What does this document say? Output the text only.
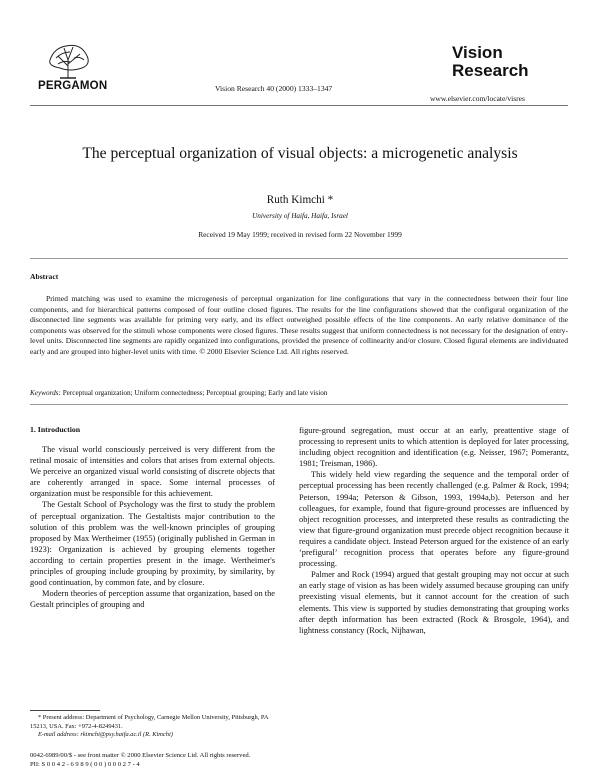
PERGAMON	Vision Research 40 (2000) 1333–1347
Vision
Research
www.elsevier.com/locate/visres
The perceptual organization of visual objects: a microgenetic analysis
Ruth Kimchi *
University of Haifa, Haifa, Israel
Received 19 May 1999; received in revised form 22 November 1999
Abstract
Primed matching was used to examine the microgenesis of perceptual organization for line configurations that vary in the connectedness between their four line components, and for hierarchical patterns composed of four outline closed figures. The results for the line configurations showed that the configural organization of the disconnected line segments was available for priming very early, and its effect outweighed possible effects of the line components. An early relative dominance of the components was observed for the stimuli whose components were closed figures. These results suggest that uniform connectedness is not necessary for the designation of entry-level units. Disconnected line segments are rapidly organized into configurations, provided the presence of collinearity and/or closure. Closed figural elements are individuated early and are grouped into higher-level units with time. © 2000 Elsevier Science Ltd. All rights reserved.
Keywords: Perceptual organization; Uniform connectedness; Perceptual grouping; Early and late vision
1. Introduction

The visual world consciously perceived is very different from the retinal mosaic of intensities and colors that arises from external objects. We perceive an organized visual world consisting of discrete objects that are coherently arranged in space. Some internal processes of organization must be responsible for this achievement.

The Gestalt School of Psychology was the first to study the problem of perceptual organization. The Gestaltists major contribution to the solution of this problem was the well-known principles of grouping proposed by Max Wertheimer (1955) (originally published in German in 1923): Organization is achieved by grouping elements together according to certain properties present in the image. Wertheimer's principles of grouping include grouping by proximity, by similarity, by good continuation, by common fate, and by closure.

Modern theories of perception assume that organization, based on the Gestalt principles of grouping and

figure-ground segregation, must occur at an early, preattentive stage of processing to represent units to which attention is deployed for later processing, including object recognition and identification (e.g. Neisser, 1967; Pomerantz, 1981; Treisman, 1986).

This widely held view regarding the sequence and the temporal order of perceptual processing has been recently challenged (e.g. Palmer & Rock, 1994; Peterson, 1994a; Peterson & Gibson, 1993, 1994a,b). Peterson and her colleagues, for example, found that figure-ground processes are influenced by object recognition processes, and interpreted these results as contradicting the view that figure-ground organization must precede object recognition because it requires a candidate object. Instead Peterson argued for the existence of an early ‘prefigural’ recognition process that operates before any figure-ground processing.

Palmer and Rock (1994) argued that gestalt grouping may not occur at such an early stage of vision as has been widely assumed because grouping can unify preexisting visual elements, but it cannot account for the creation of such elements. This view is supported by studies demonstrating that grouping works after depth information has been extracted (Rock & Brosgole, 1964), and lightness constancy (Rock, Nijhawan,

* Present address: Department of Psychology, Carnegie Mellon University, Pittsburgh, PA 15213, USA. Fax: +972-4-8249431.

E-mail address: rkimchi@psy.haifa.ac.il (R. Kimchi)

0042-6989/00/$ - see front matter © 2000 Elsevier Science Ltd. All rights reserved.
PII: S 0 0 4 2 - 6 9 8 9 ( 0 0 ) 0 0 0 2 7 - 4
